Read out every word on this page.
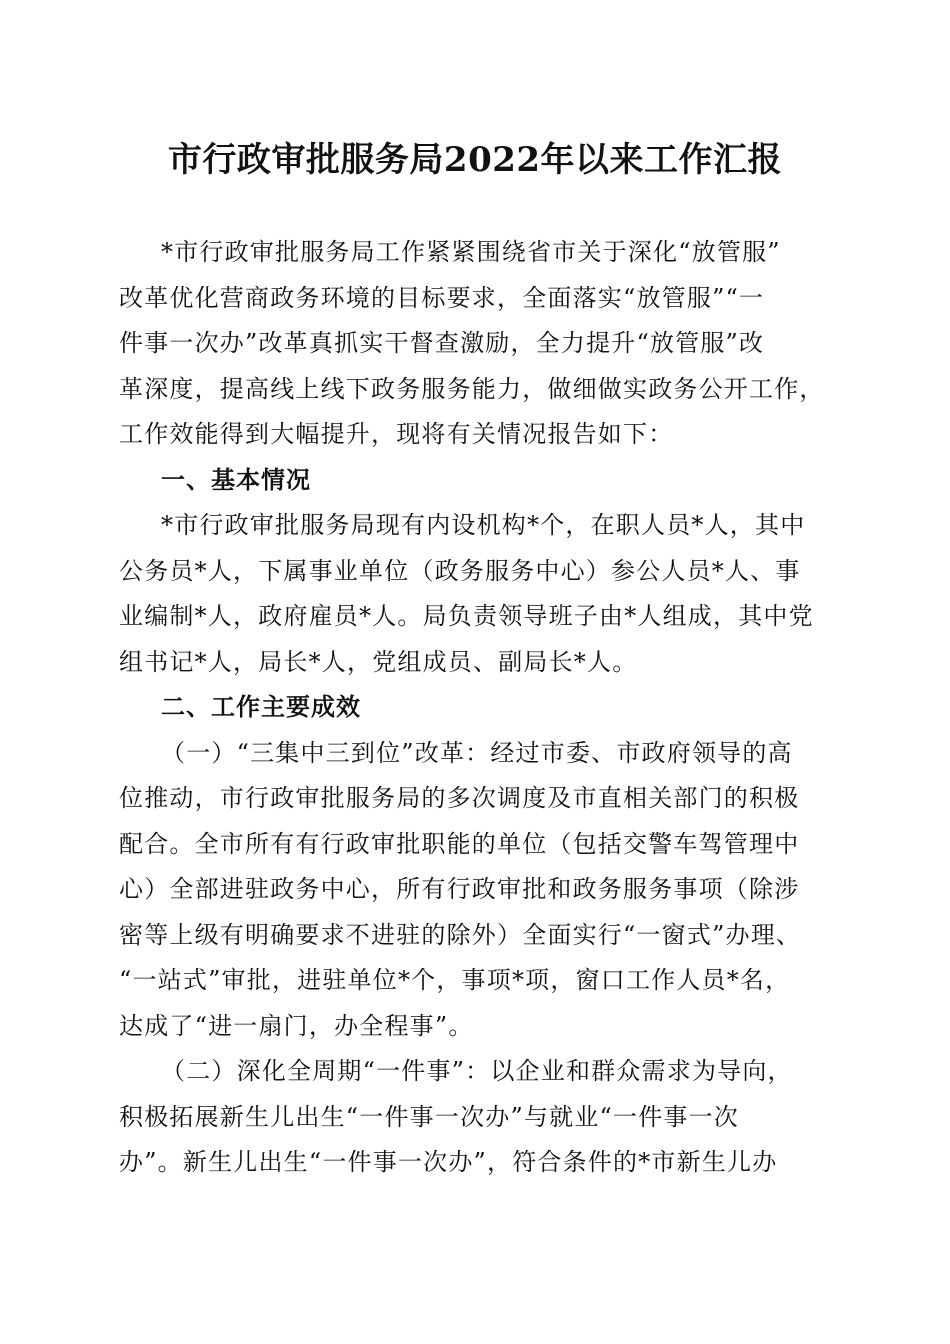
市行政审批服务局2022年以来工作汇报
*市行政审批服务局工作紧紧围绕省市关于深化“放管服”
改革优化营商政务环境的目标要求，全面落实“放管服”“一
件事一次办”改革真抓实干督查激励，全力提升“放管服”改
革深度，提高线上线下政务服务能力，做细做实政务公开工作，
工作效能得到大幅提升，现将有关情况报告如下：
一、基本情况
*市行政审批服务局现有内设机构*个，在职人员*人，其中
公务员*人，下属事业单位（政务服务中心）参公人员*人、事
业编制*人，政府雇员*人。局负责领导班子由*人组成，其中党
组书记*人，局长*人，党组成员、副局长*人。
二、工作主要成效
（一）“三集中三到位”改革：经过市委、市政府领导的高
位推动，市行政审批服务局的多次调度及市直相关部门的积极
配合。全市所有有行政审批职能的单位（包括交警车驾管理中
心）全部进驻政务中心，所有行政审批和政务服务事项（除涉
密等上级有明确要求不进驻的除外）全面实行“一窗式”办理、
“一站式”审批，进驻单位*个，事项*项，窗口工作人员*名，
达成了“进一扇门，办全程事”。
（二）深化全周期“一件事”：以企业和群众需求为导向，
积极拓展新生儿出生“一件事一次办”与就业“一件事一次
办”。新生儿出生“一件事一次办”，符合条件的*市新生儿办
